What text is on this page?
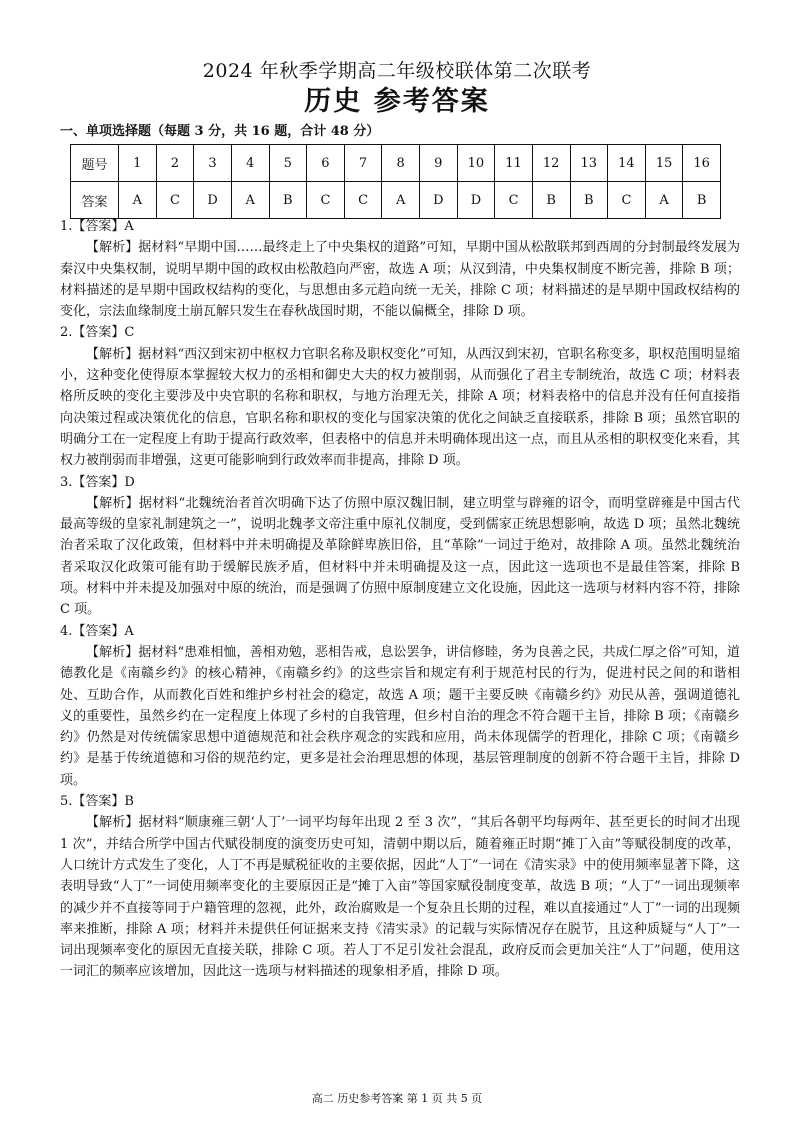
2024 年秋季学期高二年级校联体第二次联考
历史 参考答案
一、单项选择题（每题 3 分，共 16 题，合计 48 分）
题号	1	2	3	4	5	6	7	8	9	10	11	12	13	14	15	16
答案	A	C	D	A	B	C	C	A	D	D	C	B	B	C	A	B
1.【答案】A
【解析】据材料“早期中国……最终走上了中央集权的道路”可知，早期中国从松散联邦到西周的分封制最终发展为秦汉中央集权制，说明早期中国的政权由松散趋向严密，故选 A 项；从汉到清，中央集权制度不断完善，排除 B 项；材料描述的是早期中国政权结构的变化，与思想由多元趋向统一无关，排除 C 项；材料描述的是早期中国政权结构的变化，宗法血缘制度土崩瓦解只发生在春秋战国时期，不能以偏概全，排除 D 项。
2.【答案】C
【解析】据材料“西汉到宋初中枢权力官职名称及职权变化”可知，从西汉到宋初，官职名称变多，职权范围明显缩小，这种变化使得原本掌握较大权力的丞相和御史大夫的权力被削弱，从而强化了君主专制统治，故选 C 项；材料表格所反映的变化主要涉及中央官职的名称和职权，与地方治理无关，排除 A 项；材料表格中的信息并没有任何直接指向决策过程或决策优化的信息，官职名称和职权的变化与国家决策的优化之间缺乏直接联系，排除 B 项；虽然官职的明确分工在一定程度上有助于提高行政效率，但表格中的信息并未明确体现出这一点，而且从丞相的职权变化来看，其权力被削弱而非增强，这更可能影响到行政效率而非提高，排除 D 项。
3.【答案】D
【解析】据材料“北魏统治者首次明确下达了仿照中原汉魏旧制，建立明堂与辟雍的诏令，而明堂辟雍是中国古代最高等级的皇家礼制建筑之一”，说明北魏孝文帝注重中原礼仪制度，受到儒家正统思想影响，故选 D 项；虽然北魏统治者采取了汉化政策，但材料中并未明确提及革除鲜卑族旧俗，且“革除”一词过于绝对，故排除 A 项。虽然北魏统治者采取汉化政策可能有助于缓解民族矛盾，但材料中并未明确提及这一点，因此这一选项也不是最佳答案，排除 B 项。材料中并未提及加强对中原的统治，而是强调了仿照中原制度建立文化设施，因此这一选项与材料内容不符，排除 C 项。
4.【答案】A
【解析】据材料“患难相恤，善相劝勉，恶相告戒，息讼罢争，讲信修睦，务为良善之民，共成仁厚之俗”可知，道德教化是《南赣乡约》的核心精神，《南赣乡约》的这些宗旨和规定有利于规范村民的行为，促进村民之间的和谐相处、互助合作，从而教化百姓和维护乡村社会的稳定，故选 A 项；题干主要反映《南赣乡约》劝民从善，强调道德礼义的重要性，虽然乡约在一定程度上体现了乡村的自我管理，但乡村自治的理念不符合题干主旨，排除 B 项；《南赣乡约》仍然是对传统儒家思想中道德规范和社会秩序观念的实践和应用，尚未体现儒学的哲理化，排除 C 项；《南赣乡约》是基于传统道德和习俗的规范约定，更多是社会治理思想的体现，基层管理制度的创新不符合题干主旨，排除 D 项。
5.【答案】B
【解析】据材料“顺康雍三朝‘人丁’一词平均每年出现 2 至 3 次”，“其后各朝平均每两年、甚至更长的时间才出现 1 次”，并结合所学中国古代赋役制度的演变历史可知，清朝中期以后，随着雍正时期“摊丁入亩”等赋役制度的改革，人口统计方式发生了变化，人丁不再是赋税征收的主要依据，因此“人丁”一词在《清实录》中的使用频率显著下降，这表明导致“人丁”一词使用频率变化的主要原因正是“摊丁入亩”等国家赋役制度变革，故选 B 项；“人丁”一词出现频率的减少并不直接等同于户籍管理的忽视，此外，政治腐败是一个复杂且长期的过程，难以直接通过“人丁”一词的出现频率来推断，排除 A 项；材料并未提供任何证据来支持《清实录》的记载与实际情况存在脱节，且这种质疑与“人丁”一词出现频率变化的原因无直接关联，排除 C 项。若人丁不足引发社会混乱，政府反而会更加关注“人丁”问题，使用这一词汇的频率应该增加，因此这一选项与材料描述的现象相矛盾，排除 D 项。
高二 历史参考答案 第 1 页 共 5 页
